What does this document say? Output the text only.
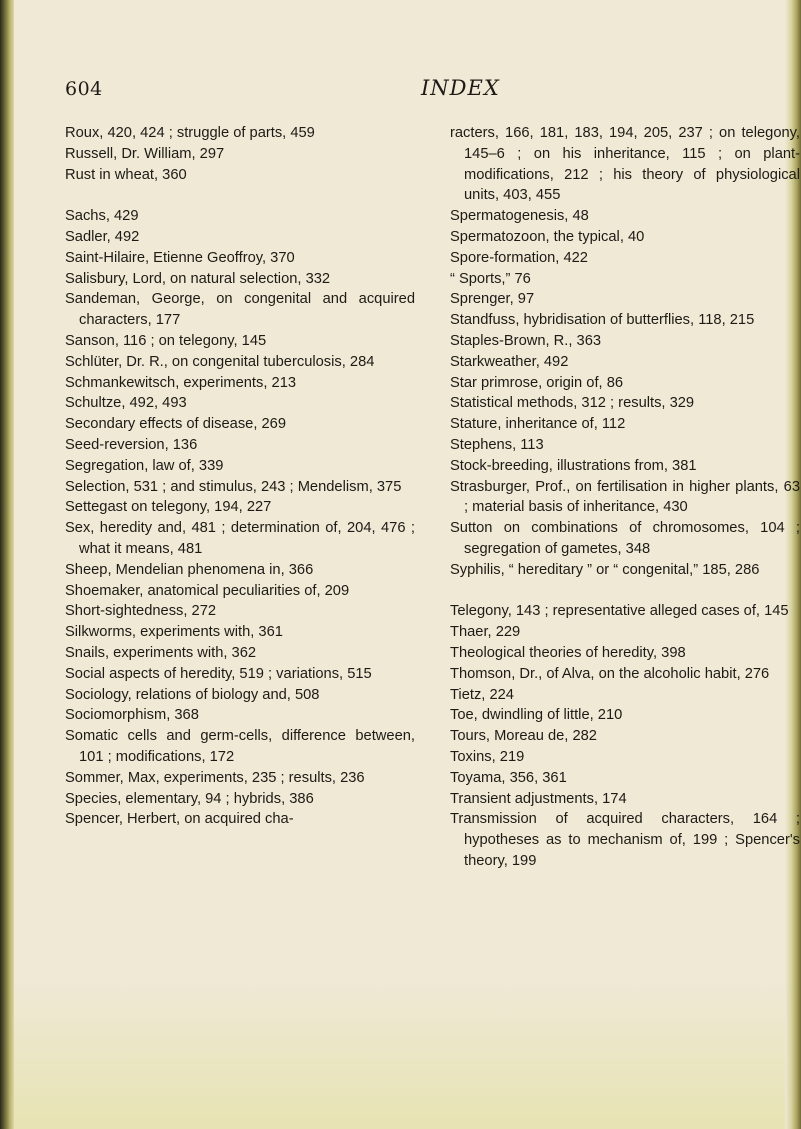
604	INDEX
Roux, 420, 424 ; struggle of parts, 459
Russell, Dr. William, 297
Rust in wheat, 360
Sachs, 429
Sadler, 492
Saint-Hilaire, Etienne Geoffroy, 370
Salisbury, Lord, on natural selection, 332
Sandeman, George, on congenital and acquired characters, 177
Sanson, 116 ; on telegony, 145
Schlüter, Dr. R., on congenital tuberculosis, 284
Schmankewitsch, experiments, 213
Schultze, 492, 493
Secondary effects of disease, 269
Seed-reversion, 136
Segregation, law of, 339
Selection, 531 ; and stimulus, 243 ; Mendelism, 375
Settegast on telegony, 194, 227
Sex, heredity and, 481 ; determination of, 204, 476 ; what it means, 481
Sheep, Mendelian phenomena in, 366
Shoemaker, anatomical peculiarities of, 209
Short-sightedness, 272
Silkworms, experiments with, 361
Snails, experiments with, 362
Social aspects of heredity, 519 ; variations, 515
Sociology, relations of biology and, 508
Sociomorphism, 368
Somatic cells and germ-cells, difference between, 101 ; modifications, 172
Sommer, Max, experiments, 235 ; results, 236
Species, elementary, 94 ; hybrids, 386
Spencer, Herbert, on acquired cha-
racters, 166, 181, 183, 194, 205, 237 ; on telegony, 145–6 ; on his inheritance, 115 ; on plant-modifications, 212 ; his theory of physiological units, 403, 455
Spermatogenesis, 48
Spermatozoon, the typical, 40
Spore-formation, 422
“ Sports,” 76
Sprenger, 97
Standfuss, hybridisation of butterflies, 118, 215
Staples-Brown, R., 363
Starkweather, 492
Star primrose, origin of, 86
Statistical methods, 312 ; results, 329
Stature, inheritance of, 112
Stephens, 113
Stock-breeding, illustrations from, 381
Strasburger, Prof., on fertilisation in higher plants, 63 ; material basis of inheritance, 430
Sutton on combinations of chromosomes, 104 ; segregation of gametes, 348
Syphilis, “ hereditary ” or “ congenital,” 185, 286
Telegony, 143 ; representative alleged cases of, 145
Thaer, 229
Theological theories of heredity, 398
Thomson, Dr., of Alva, on the alcoholic habit, 276
Tietz, 224
Toe, dwindling of little, 210
Tours, Moreau de, 282
Toxins, 219
Toyama, 356, 361
Transient adjustments, 174
Transmission of acquired characters, 164 ; hypotheses as to mechanism of, 199 ; Spencer's theory, 199
